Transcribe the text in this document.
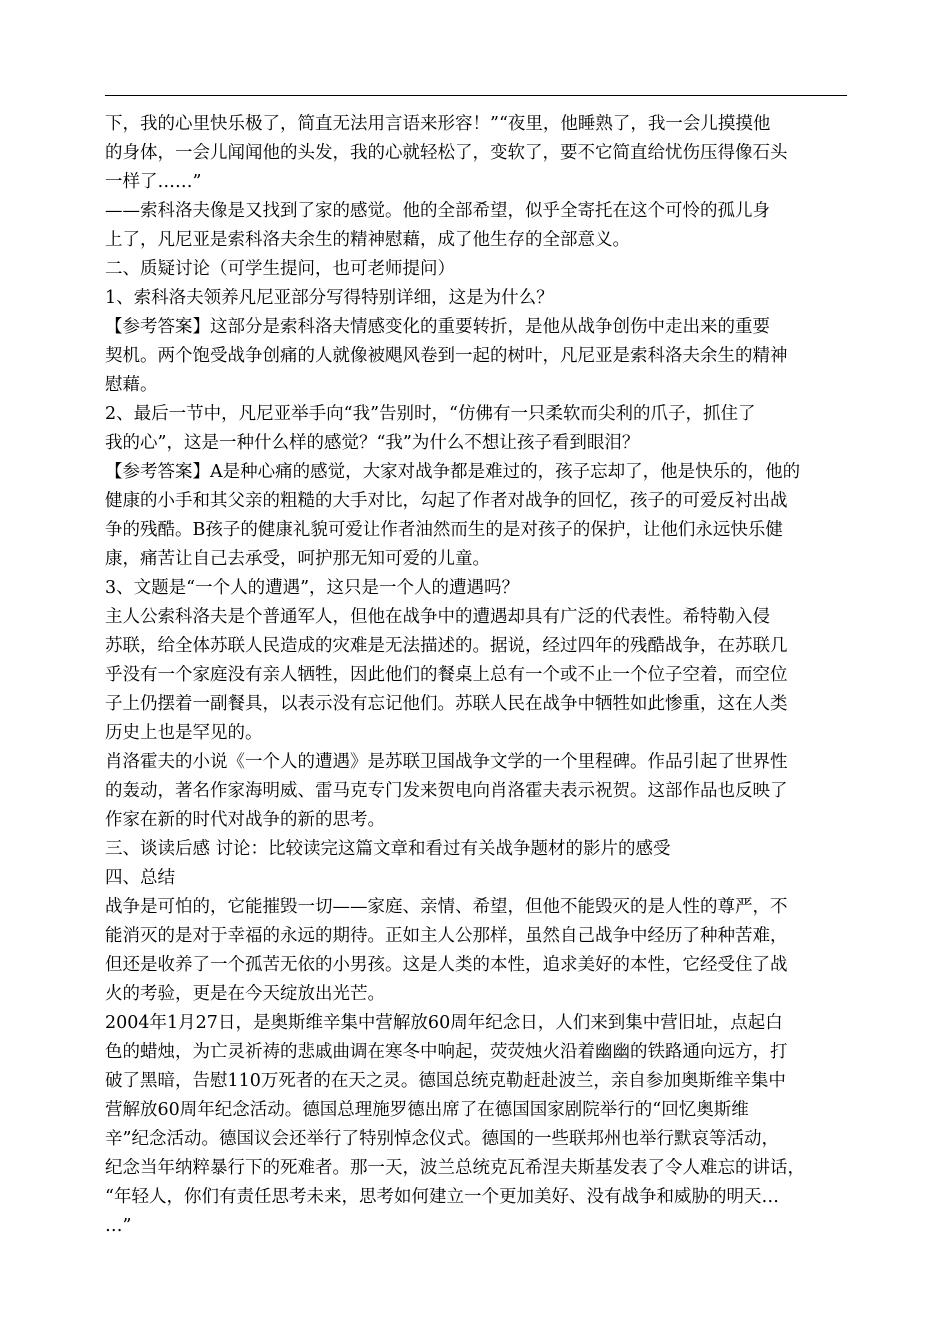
下，我的心里快乐极了，简直无法用言语来形容！”“夜里，他睡熟了，我一会儿摸摸他

的身体，一会儿闻闻他的头发，我的心就轻松了，变软了，要不它简直给忧伤压得像石头

一样了……”

——索科洛夫像是又找到了家的感觉。他的全部希望，似乎全寄托在这个可怜的孤儿身

上了，凡尼亚是索科洛夫余生的精神慰藉，成了他生存的全部意义。

二、质疑讨论（可学生提问，也可老师提问）

1、索科洛夫领养凡尼亚部分写得特别详细，这是为什么？

【参考答案】这部分是索科洛夫情感变化的重要转折，是他从战争创伤中走出来的重要

契机。两个饱受战争创痛的人就像被飓风卷到一起的树叶，凡尼亚是索科洛夫余生的精神

慰藉。

2、最后一节中，凡尼亚举手向“我”告别时，“仿佛有一只柔软而尖利的爪子，抓住了

我的心”，这是一种什么样的感觉？“我”为什么不想让孩子看到眼泪？

【参考答案】A是种心痛的感觉，大家对战争都是难过的，孩子忘却了，他是快乐的，他的

健康的小手和其父亲的粗糙的大手对比，勾起了作者对战争的回忆，孩子的可爱反衬出战

争的残酷。B孩子的健康礼貌可爱让作者油然而生的是对孩子的保护，让他们永远快乐健

康，痛苦让自己去承受，呵护那无知可爱的儿童。

3、文题是“一个人的遭遇”，这只是一个人的遭遇吗？

主人公索科洛夫是个普通军人，但他在战争中的遭遇却具有广泛的代表性。希特勒入侵

苏联，给全体苏联人民造成的灾难是无法描述的。据说，经过四年的残酷战争，在苏联几

乎没有一个家庭没有亲人牺牲，因此他们的餐桌上总有一个或不止一个位子空着，而空位

子上仍摆着一副餐具，以表示没有忘记他们。苏联人民在战争中牺牲如此惨重，这在人类

历史上也是罕见的。

肖洛霍夫的小说《一个人的遭遇》是苏联卫国战争文学的一个里程碑。作品引起了世界性

的轰动，著名作家海明威、雷马克专门发来贺电向肖洛霍夫表示祝贺。这部作品也反映了

作家在新的时代对战争的新的思考。

三、谈读后感 讨论：比较读完这篇文章和看过有关战争题材的影片的感受

四、总结

战争是可怕的，它能摧毁一切——家庭、亲情、希望，但他不能毁灭的是人性的尊严，不

能消灭的是对于幸福的永远的期待。正如主人公那样，虽然自己战争中经历了种种苦难，

但还是收养了一个孤苦无依的小男孩。这是人类的本性，追求美好的本性，它经受住了战

火的考验，更是在今天绽放出光芒。

2004年1月27日，是奥斯维辛集中营解放60周年纪念日，人们来到集中营旧址，点起白

色的蜡烛，为亡灵祈祷的悲戚曲调在寒冬中响起，荧荧烛火沿着幽幽的铁路通向远方，打

破了黑暗，告慰110万死者的在天之灵。德国总统克勒赶赴波兰，亲自参加奥斯维辛集中

营解放60周年纪念活动。德国总理施罗德出席了在德国国家剧院举行的“回忆奥斯维

辛”纪念活动。德国议会还举行了特别悼念仪式。德国的一些联邦州也举行默哀等活动，

纪念当年纳粹暴行下的死难者。那一天，波兰总统克瓦希涅夫斯基发表了令人难忘的讲话，

“年轻人，你们有责任思考未来，思考如何建立一个更加美好、没有战争和威胁的明天…

…”
